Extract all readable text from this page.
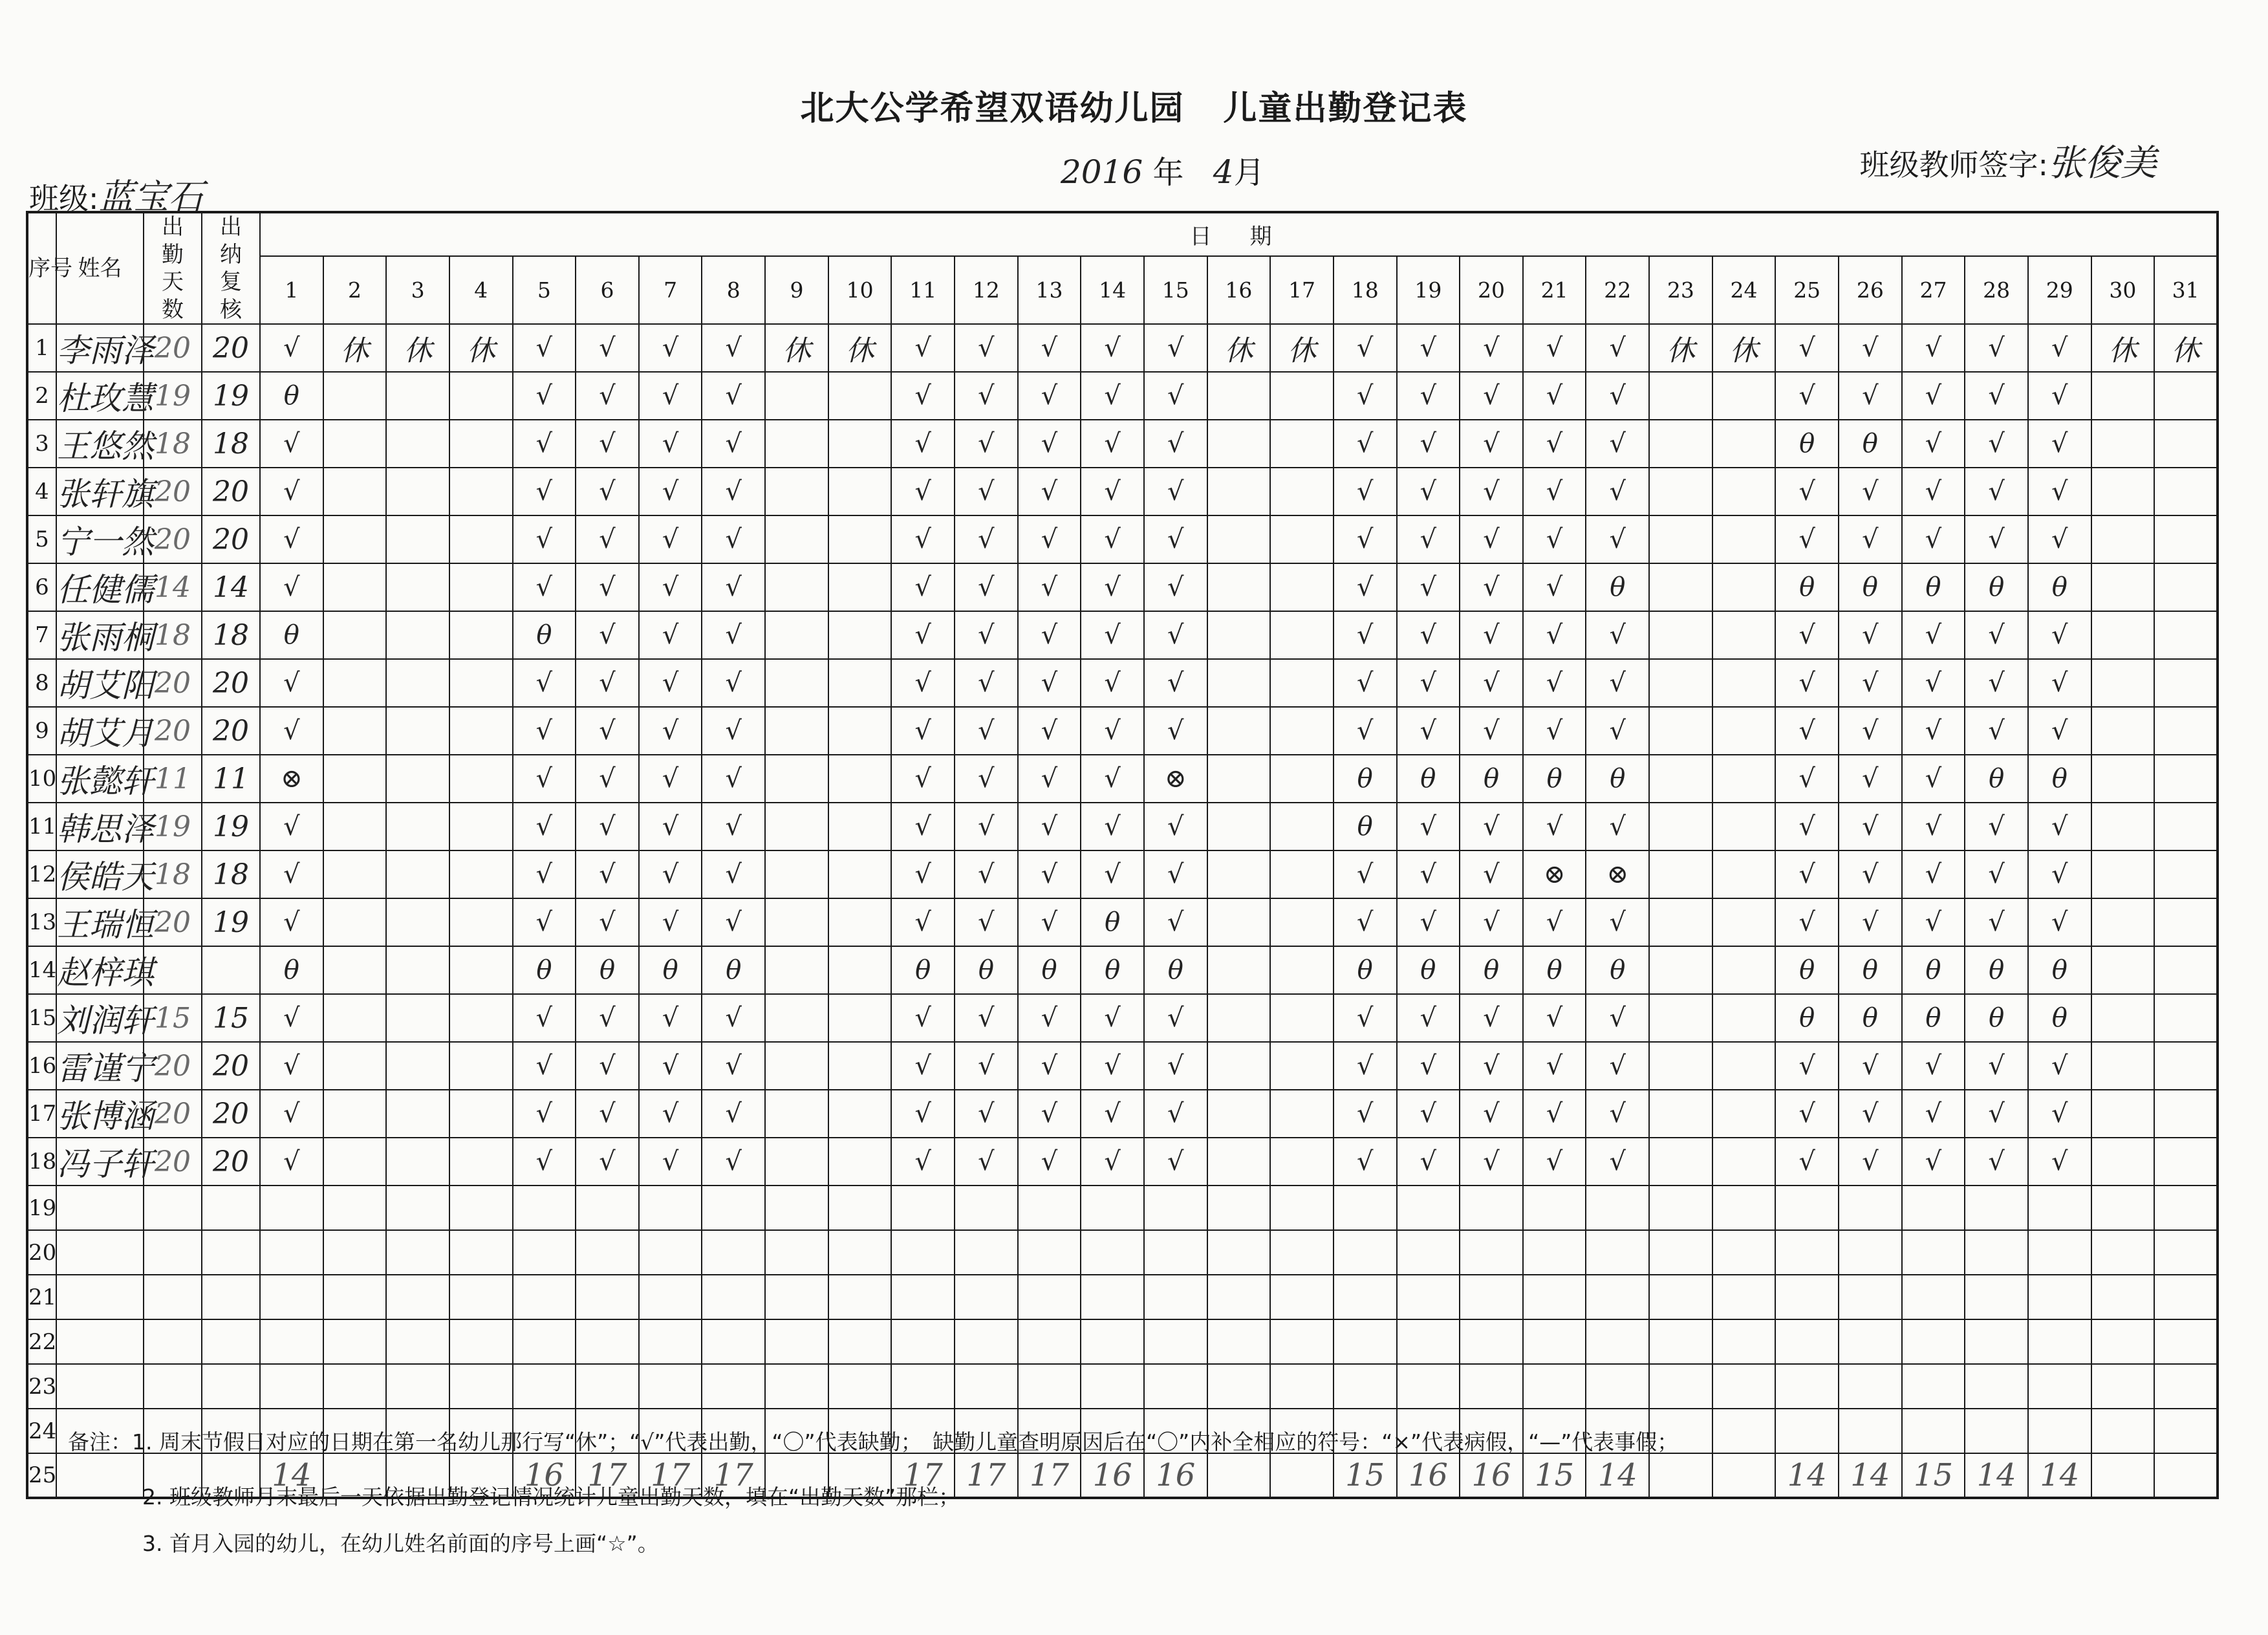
北大公学希望双语幼儿园 儿童出勤登记表
班级:蓝宝石
2016 年 4月	班级教师签字:张俊美
序号	姓名	出勤天数	出纳复核	日 期																														
				1	2	3	4	5	6	7	8	9	10	11	12	13	14	15	16	17	18	19	20	21	22	23	24	25	26	27	28	29	30	31
1	李雨泽	20	20	√	休	休	休	√	√	√	√	休	休	√	√	√	√	√	休	休	√	√	√	√	√	休	休	√	√	√	√	√	休	休
2	杜玫慧	19	19	θ				√	√	√	√			√	√	√	√	√			√	√	√	√	√			√	√	√	√	√		
3	王悠然	18	18	√				√	√	√	√			√	√	√	√	√			√	√	√	√	√			θ	θ	√	√	√		
4	张轩旗	20	20	√				√	√	√	√			√	√	√	√	√			√	√	√	√	√			√	√	√	√	√		
5	宁一然	20	20	√				√	√	√	√			√	√	√	√	√			√	√	√	√	√			√	√	√	√	√		
6	任健儒	14	14	√				√	√	√	√			√	√	√	√	√			√	√	√	√	θ			θ	θ	θ	θ	θ		
7	张雨桐	18	18	θ				θ	√	√	√			√	√	√	√	√			√	√	√	√	√			√	√	√	√	√		
8	胡艾阳	20	20	√				√	√	√	√			√	√	√	√	√			√	√	√	√	√			√	√	√	√	√		
9	胡艾月	20	20	√				√	√	√	√			√	√	√	√	√			√	√	√	√	√			√	√	√	√	√		
10	张懿轩	11	11	⊗				√	√	√	√			√	√	√	√	⊗			θ	θ	θ	θ	θ			√	√	√	θ	θ		
11	韩思泽	19	19	√				√	√	√	√			√	√	√	√	√			θ	√	√	√	√			√	√	√	√	√		
12	侯皓天	18	18	√				√	√	√	√			√	√	√	√	√			√	√	√	⊗	⊗			√	√	√	√	√		
13	王瑞恒	20	19	√				√	√	√	√			√	√	√	θ	√			√	√	√	√	√			√	√	√	√	√		
14	赵梓琪			θ				θ	θ	θ	θ			θ	θ	θ	θ	θ			θ	θ	θ	θ	θ			θ	θ	θ	θ	θ		
15	刘润轩	15	15	√				√	√	√	√			√	√	√	√	√			√	√	√	√	√			θ	θ	θ	θ	θ		
16	雷谨宁	20	20	√				√	√	√	√			√	√	√	√	√			√	√	√	√	√			√	√	√	√	√		
17	张博涵	20	20	√				√	√	√	√			√	√	√	√	√			√	√	√	√	√			√	√	√	√	√		
18	冯子轩	20	20	√				√	√	√	√			√	√	√	√	√			√	√	√	√	√			√	√	√	√	√		
19																																		
20																																		
21																																		
22																																		
23																																		
24																																		
25				14				16	17	17	17			17	17	17	16	16			15	16	16	15	14			14	14	15	14	14		
备注：1. 周末节假日对应的日期在第一名幼儿那行写“休”；“√”代表出勤，“〇”代表缺勤；　缺勤儿童查明原因后在“〇”内补全相应的符号：“×”代表病假，“—”代表事假；
2. 班级教师月末最后一天依据出勤登记情况统计儿童出勤天数，填在“出勤天数”那栏；
3. 首月入园的幼儿，在幼儿姓名前面的序号上画“☆”。
